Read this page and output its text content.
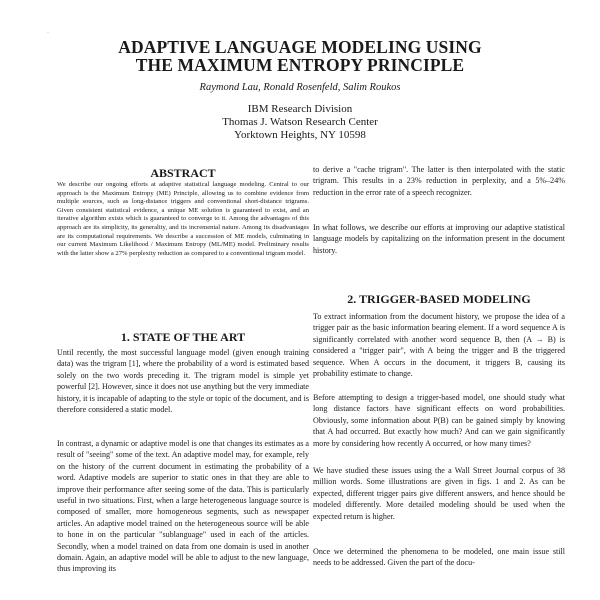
·
ADAPTIVE LANGUAGE MODELING USING
THE MAXIMUM ENTROPY PRINCIPLE
Raymond Lau, Ronald Rosenfeld, Salim Roukos
IBM Research Division
Thomas J. Watson Research Center
Yorktown Heights, NY 10598
ABSTRACT

We describe our ongoing efforts at adaptive statistical language modeling. Central to our approach is the Maximum Entropy (ME) Principle, allowing us to combine evidence from multiple sources, such as long-distance triggers and conventional short-distance trigrams. Given consistent statistical evidence, a unique ME solution is guaranteed to exist, and an iterative algorithm exists which is guaranteed to converge to it. Among the advantages of this approach are its simplicity, its generality, and its incremental nature. Among its disadvantages are its computational requirements. We describe a succession of ME models, culminating in our current Maximum Likelihood / Maximum Entropy (ML/ME) model. Preliminary results with the latter show a 27% perplexity reduction as compared to a conventional trigram model.

1. STATE OF THE ART

Until recently, the most successful language model (given enough training data) was the trigram [1], where the probability of a word is estimated based solely on the two words preceding it. The trigram model is simple yet powerful [2]. However, since it does not use anything but the very immediate history, it is incapable of adapting to the style or topic of the document, and is therefore considered a static model.

In contrast, a dynamic or adaptive model is one that changes its estimates as a result of "seeing" some of the text. An adaptive model may, for example, rely on the history of the current document in estimating the probability of a word. Adaptive models are superior to static ones in that they are able to improve their performance after seeing some of the data. This is particularly useful in two situations. First, when a large heterogeneous language source is composed of smaller, more homogeneous segments, such as newspaper articles. An adaptive model trained on the heterogeneous source will be able to hone in on the particular "sublanguage" used in each of the articles. Secondly, when a model trained on data from one domain is used in another domain. Again, an adaptive model will be able to adjust to the new language, thus improving its

to derive a "cache trigram". The latter is then interpolated with the static trigram. This results in a 23% reduction in perplexity, and a 5%–24% reduction in the error rate of a speech recognizer.

In what follows, we describe our efforts at improving our adaptive statistical language models by capitalizing on the information present in the document history.

2. TRIGGER-BASED MODELING

To extract information from the document history, we propose the idea of a trigger pair as the basic information bearing element. If a word sequence A is significantly correlated with another word sequence B, then (A → B) is considered a "trigger pair", with A being the trigger and B the triggered sequence. When A occurs in the document, it triggers B, causing its probability estimate to change.

Before attempting to design a trigger-based model, one should study what long distance factors have significant effects on word probabilities. Obviously, some information about P(B) can be gained simply by knowing that A had occurred. But exactly how much? And can we gain significantly more by considering how recently A occurred, or how many times?

We have studied these issues using the a Wall Street Journal corpus of 38 million words. Some illustrations are given in figs. 1 and 2. As can be expected, different trigger pairs give different answers, and hence should be modeled differently. More detailed modeling should be used when the expected return is higher.

Once we determined the phenomena to be modeled, one main issue still needs to be addressed. Given the part of the docu-
